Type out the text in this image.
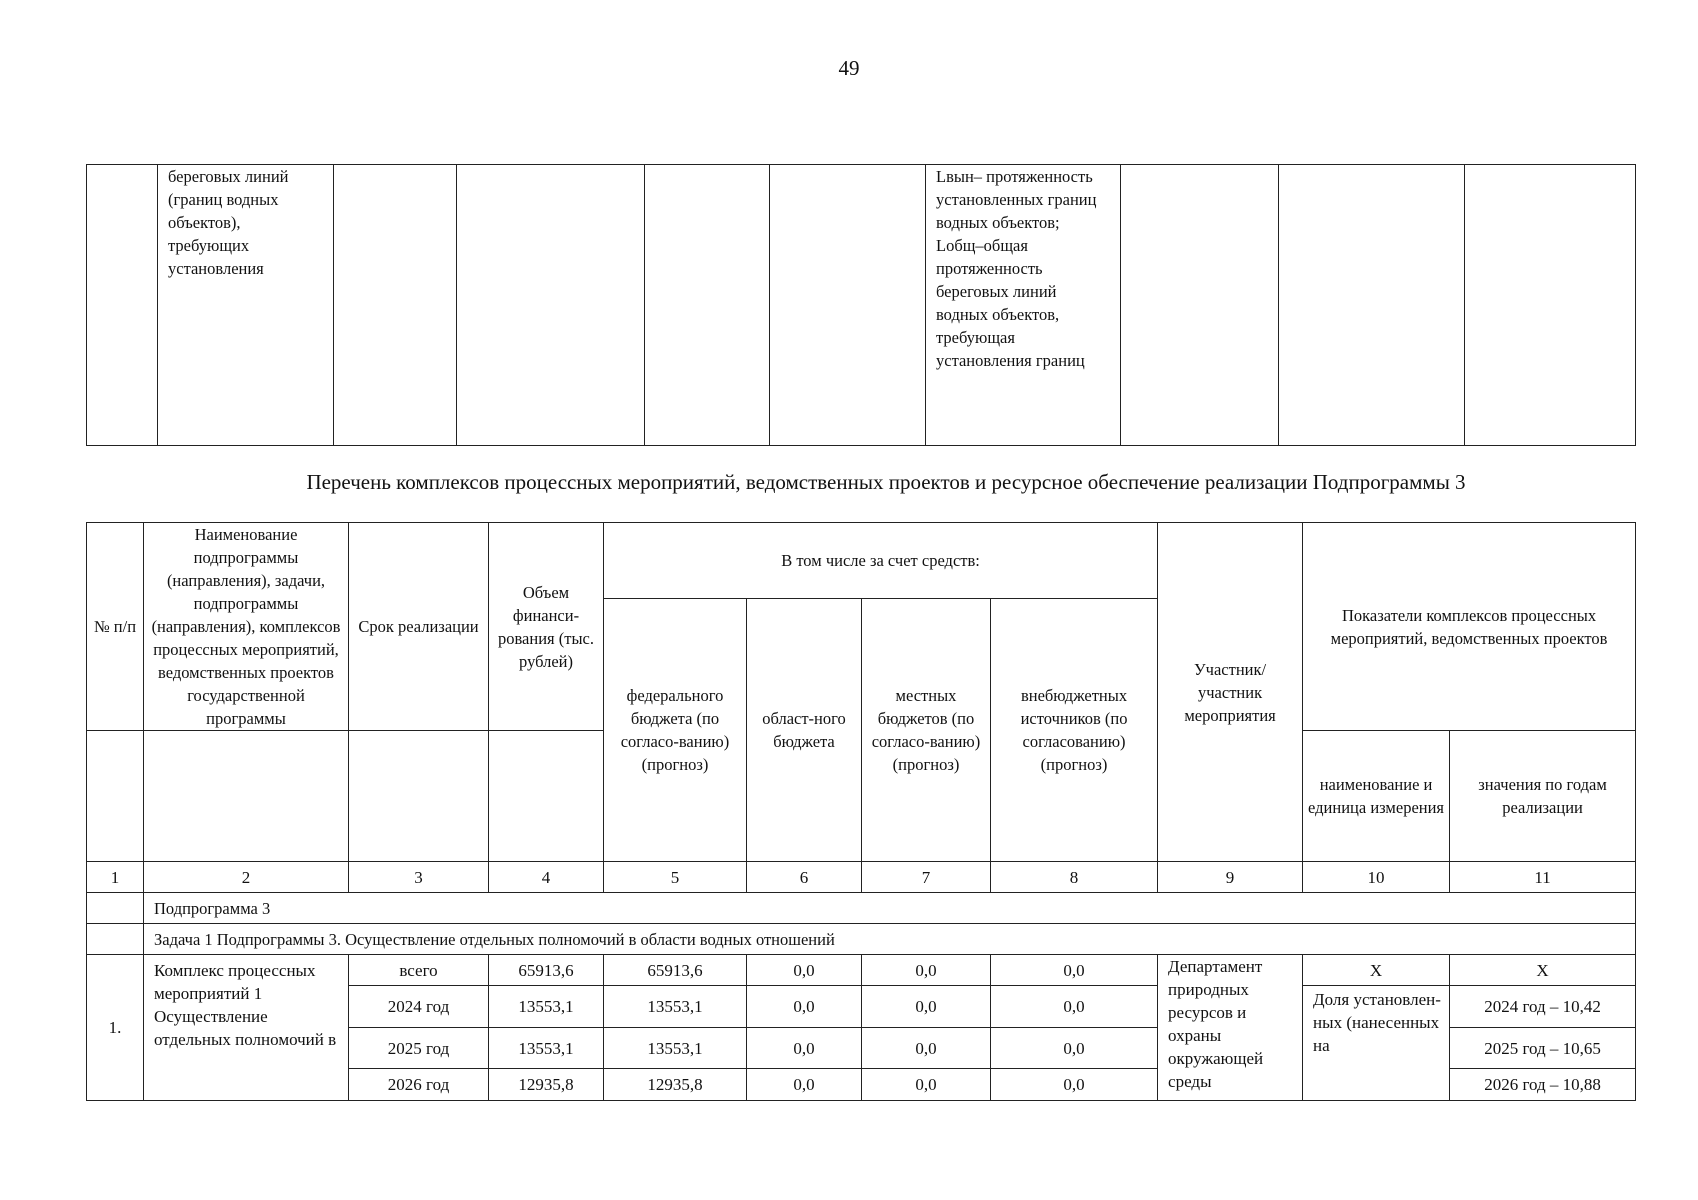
49
	береговых линий (границ водных объектов), требующих установления					Lвын– протяженность установленных границ водных объектов; Lобщ–общая протяженность береговых линий водных объектов, требующая установления границ			
Перечень комплексов процессных мероприятий, ведомственных проектов и ресурсное обеспечение реализации Подпрограммы 3
№ п/п	Наименование подпрограммы (направления), задачи, подпрограммы (направления), комплексов процессных мероприятий, ведомственных проектов государственной программы	Срок реализации	Объем финанси-рования (тыс. рублей)	В том числе за счет средств:				Участник/ участник мероприятия	Показатели комплексов процессных мероприятий, ведомственных проектов	
				федерального бюджета (по согласо-ванию) (прогноз)	област-ного бюджета	местных бюджетов (по согласо-ванию) (прогноз)	внебюджетных источников (по согласованию) (прогноз)			
									наименование и единица измерения	значения по годам реализации
1	2	3	4	5	6	7	8	9	10	11
	Подпрограмма 3									
	Задача 1 Подпрограммы 3. Осуществление отдельных полномочий в области водных отношений									
1.	Комплекс процессных мероприятий 1 Осуществление отдельных полномочий в	всего	65913,6	65913,6	0,0	0,0	0,0	Департамент природных ресурсов и охраны окружающей среды	Х	Х
		2024 год	13553,1	13553,1	0,0	0,0	0,0		Доля установлен-ных (нанесенных на	2024 год – 10,42
		2025 год	13553,1	13553,1	0,0	0,0	0,0			2025 год – 10,65
		2026 год	12935,8	12935,8	0,0	0,0	0,0			2026 год – 10,88
